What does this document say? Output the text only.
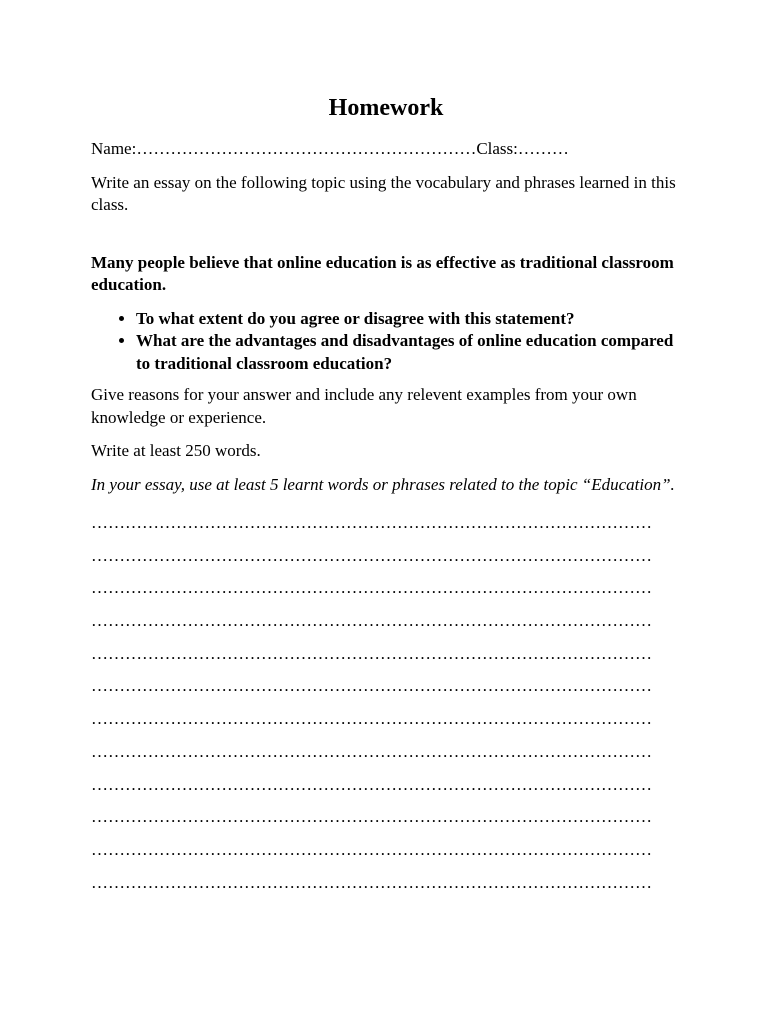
Homework

Name:……………………………………………………Class:………

Write an essay on the following topic using the vocabulary and phrases learned in this class.

Many people believe that online education is as effective as traditional classroom education.

• To what extent do you agree or disagree with this statement?
• What are the advantages and disadvantages of online education compared to traditional classroom education?

Give reasons for your answer and include any relevent examples from your own knowledge or experience.

Write at least 250 words.

In your essay, use at least 5 learnt words or phrases related to the topic “Education”.

………………………………………………………………………………………
………………………………………………………………………………………
………………………………………………………………………………………
………………………………………………………………………………………
………………………………………………………………………………………
………………………………………………………………………………………
………………………………………………………………………………………
………………………………………………………………………………………
………………………………………………………………………………………
………………………………………………………………………………………
………………………………………………………………………………………
………………………………………………………………………………………
